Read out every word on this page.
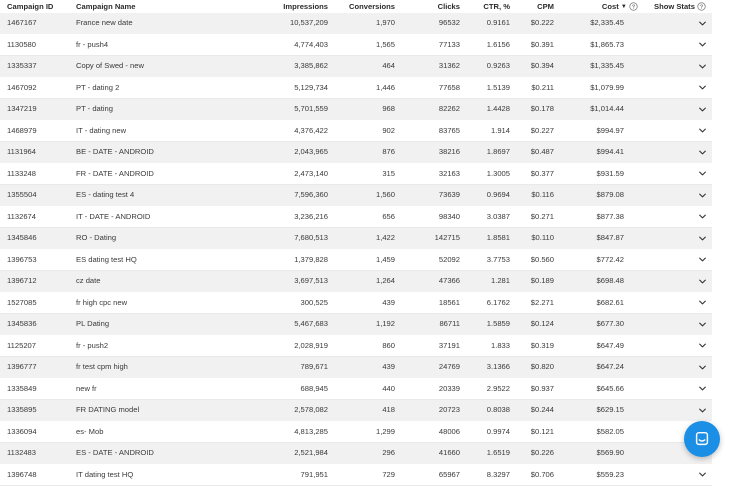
Campaign ID	Campaign Name	Impressions	Conversions	Clicks	CTR, %	CPM	Cost ▼ ? Show Stats ?
1467167	France new date	10,537,209	1,970	96532	0.9161	$0.222	$2,335.45
1130580	fr - push4	4,774,403	1,565	77133	1.6156	$0.391	$1,865.73
1335337	Copy of Swed - new	3,385,862	464	31362	0.9263	$0.394	$1,335.45
1467092	PT - dating 2	5,129,734	1,446	77658	1.5139	$0.211	$1,079.99
1347219	PT - dating	5,701,559	968	82262	1.4428	$0.178	$1,014.44
1468979	IT - dating new	4,376,422	902	83765	1.914	$0.227	$994.97
1131964	BE - DATE - ANDROID	2,043,965	876	38216	1.8697	$0.487	$994.41
1133248	FR - DATE - ANDROID	2,473,140	315	32163	1.3005	$0.377	$931.59
1355504	ES - dating test 4	7,596,360	1,560	73639	0.9694	$0.116	$879.08
1132674	IT - DATE - ANDROID	3,236,216	656	98340	3.0387	$0.271	$877.38
1345846	RO - Dating	7,680,513	1,422	142715	1.8581	$0.110	$847.87
1396753	ES dating test HQ	1,379,828	1,459	52092	3.7753	$0.560	$772.42
1396712	cz date	3,697,513	1,264	47366	1.281	$0.189	$698.48
1527085	fr high cpc new	300,525	439	18561	6.1762	$2.271	$682.61
1345836	PL Dating	5,467,683	1,192	86711	1.5859	$0.124	$677.30
1125207	fr - push2	2,028,919	860	37191	1.833	$0.319	$647.49
1396777	fr test cpm high	789,671	439	24769	3.1366	$0.820	$647.24
1335849	new fr	688,945	440	20339	2.9522	$0.937	$645.66
1335895	FR DATING model	2,578,082	418	20723	0.8038	$0.244	$629.15
1336094	es- Mob	4,813,285	1,299	48006	0.9974	$0.121	$582.05
1132483	ES - DATE - ANDROID	2,521,984	296	41660	1.6519	$0.226	$569.90
1396748	IT dating test HQ	791,951	729	65967	8.3297	$0.706	$559.23
